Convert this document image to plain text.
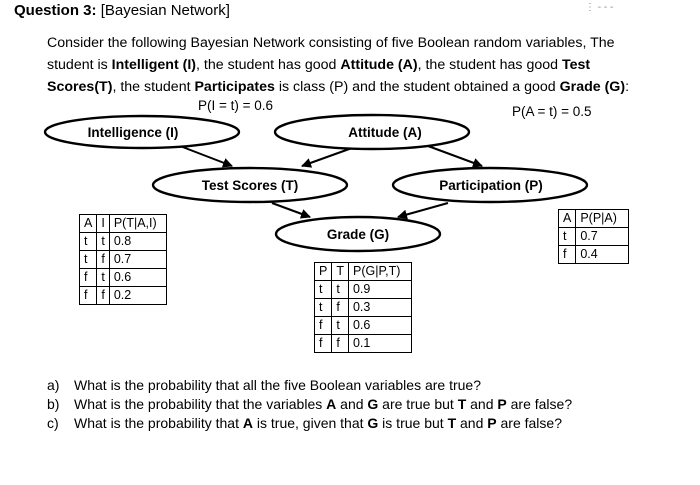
Question 3: [Bayesian Network]	⋮ ‐ ‐ ‐
Consider the following Bayesian Network consisting of five Boolean random variables, The
student is Intelligent (I), the student has good Attitude (A), the student has good Test
Scores(T), the student Participates is class (P) and the student obtained a good Grade (G):
P(I = t) = 0.6	P(A = t) = 0.5
Intelligence (I)	Attitude (A)
Test Scores (T)	Participation (P)
Grade (G)
A	I	P(T|A,I)
t	t	0.8
t	f	0.7
f	t	0.6
f	f	0.2
A	P(P|A)
t	0.7
f	0.4
P	T	P(G|P,T)
t	t	0.9
t	f	0.3
f	t	0.6
f	f	0.1
a)	What is the probability that all the five Boolean variables are true?
b)	What is the probability that the variables A and G are true but T and P are false?
c)	What is the probability that A is true, given that G is true but T and P are false?
